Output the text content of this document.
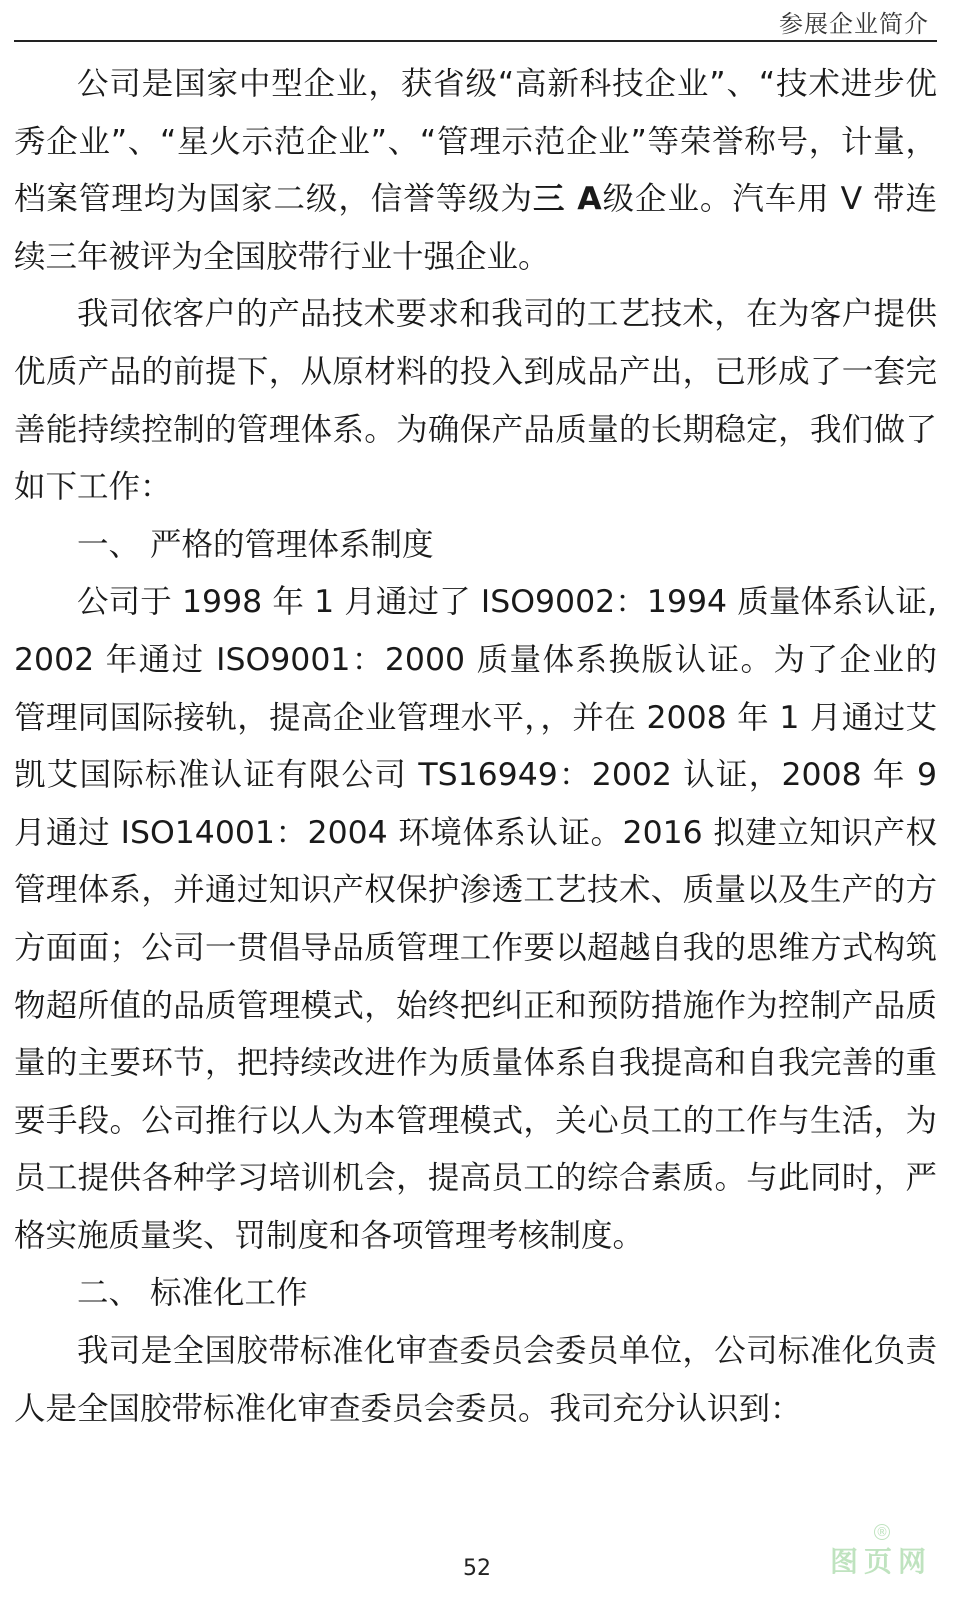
参展企业简介

公司是国家中型企业，获省级“高新科技企业”、“技术进步优秀企业”、“星火示范企业”、“管理示范企业”等荣誉称号，计量，档案管理均为国家二级，信誉等级为三 A级企业。汽车用 V 带连续三年被评为全国胶带行业十强企业。

我司依客户的产品技术要求和我司的工艺技术，在为客户提供优质产品的前提下，从原材料的投入到成品产出，已形成了一套完善能持续控制的管理体系。为确保产品质量的长期稳定，我们做了如下工作：

一、 严格的管理体系制度

公司于 1998 年 1 月通过了 ISO9002：1994 质量体系认证,2002 年通过 ISO9001：2000 质量体系换版认证。为了企业的管理同国际接轨，提高企业管理水平，，并在 2008 年 1 月通过艾凯艾国际标准认证有限公司 TS16949：2002 认证，2008 年 9 月通过 ISO14001：2004 环境体系认证。2016 拟建立知识产权管理体系，并通过知识产权保护渗透工艺技术、质量以及生产的方方面面；公司一贯倡导品质管理工作要以超越自我的思维方式构筑物超所值的品质管理模式，始终把纠正和预防措施作为控制产品质量的主要环节，把持续改进作为质量体系自我提高和自我完善的重要手段。公司推行以人为本管理模式，关心员工的工作与生活，为员工提供各种学习培训机会，提高员工的综合素质。与此同时，严格实施质量奖、罚制度和各项管理考核制度。

二、 标准化工作

我司是全国胶带标准化审查委员会委员单位，公司标准化负责人是全国胶带标准化审查委员会委员。我司充分认识到：

52
®
图页网
